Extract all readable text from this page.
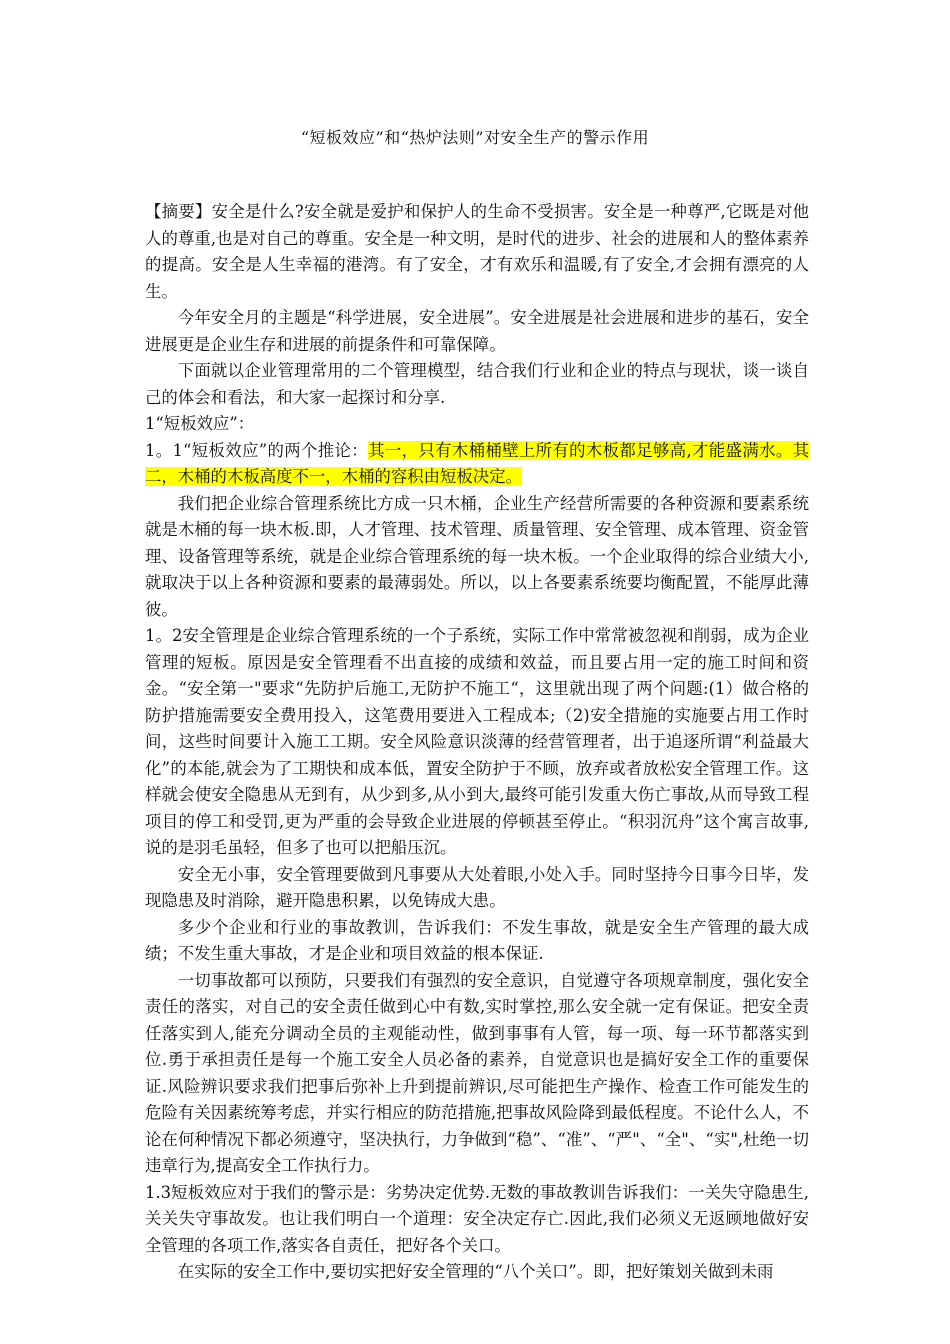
“短板效应”和“热炉法则”对安全生产的警示作用

【摘要】安全是什么?安全就是爱护和保护人的生命不受损害。安全是一种尊严,它既是对他人的尊重,也是对自己的尊重。安全是一种文明，是时代的进步、社会的进展和人的整体素养的提高。安全是人生幸福的港湾。有了安全，才有欢乐和温暖,有了安全,才会拥有漂亮的人生。

今年安全月的主题是“科学进展，安全进展”。安全进展是社会进展和进步的基石，安全进展更是企业生存和进展的前提条件和可靠保障。

下面就以企业管理常用的二个管理模型，结合我们行业和企业的特点与现状，谈一谈自己的体会和看法，和大家一起探讨和分享.

1“短板效应”：

1。1“短板效应”的两个推论：其一，只有木桶桶壁上所有的木板都足够高,才能盛满水。其二，木桶的木板高度不一，木桶的容积由短板决定。

我们把企业综合管理系统比方成一只木桶，企业生产经营所需要的各种资源和要素系统就是木桶的每一块木板.即，人才管理、技术管理、质量管理、安全管理、成本管理、资金管理、设备管理等系统，就是企业综合管理系统的每一块木板。一个企业取得的综合业绩大小,就取决于以上各种资源和要素的最薄弱处。所以，以上各要素系统要均衡配置，不能厚此薄彼。

1。2安全管理是企业综合管理系统的一个子系统，实际工作中常常被忽视和削弱，成为企业管理的短板。原因是安全管理看不出直接的成绩和效益，而且要占用一定的施工时间和资金。“安全第一"要求“先防护后施工,无防护不施工“，这里就出现了两个问题:(1）做合格的防护措施需要安全费用投入，这笔费用要进入工程成本;（2)安全措施的实施要占用工作时间，这些时间要计入施工工期。安全风险意识淡薄的经营管理者，出于追逐所谓“利益最大化”的本能,就会为了工期快和成本低，置安全防护于不顾，放弃或者放松安全管理工作。这样就会使安全隐患从无到有，从少到多,从小到大,最终可能引发重大伤亡事故,从而导致工程项目的停工和受罚,更为严重的会导致企业进展的停顿甚至停止。“积羽沉舟”这个寓言故事,说的是羽毛虽轻，但多了也可以把船压沉。

安全无小事，安全管理要做到凡事要从大处着眼,小处入手。同时坚持今日事今日毕，发现隐患及时消除，避开隐患积累，以免铸成大患。

多少个企业和行业的事故教训，告诉我们：不发生事故，就是安全生产管理的最大成绩；不发生重大事故，才是企业和项目效益的根本保证.

一切事故都可以预防，只要我们有强烈的安全意识，自觉遵守各项规章制度，强化安全责任的落实，对自己的安全责任做到心中有数,实时掌控,那么安全就一定有保证。把安全责任落实到人,能充分调动全员的主观能动性，做到事事有人管，每一项、每一环节都落实到位.勇于承担责任是每一个施工安全人员必备的素养，自觉意识也是搞好安全工作的重要保证.风险辨识要求我们把事后弥补上升到提前辨识,尽可能把生产操作、检查工作可能发生的危险有关因素统筹考虑，并实行相应的防范措施,把事故风险降到最低程度。不论什么人，不论在何种情况下都必须遵守，坚决执行，力争做到“稳”、“准”、“严"、“全"、“实",杜绝一切违章行为,提高安全工作执行力。

1.3短板效应对于我们的警示是：劣势决定优势.无数的事故教训告诉我们：一关失守隐患生,关关失守事故发。也让我们明白一个道理：安全决定存亡.因此,我们必须义无返顾地做好安全管理的各项工作,落实各自责任，把好各个关口。

在实际的安全工作中,要切实把好安全管理的“八个关口”。即，把好策划关做到未雨
